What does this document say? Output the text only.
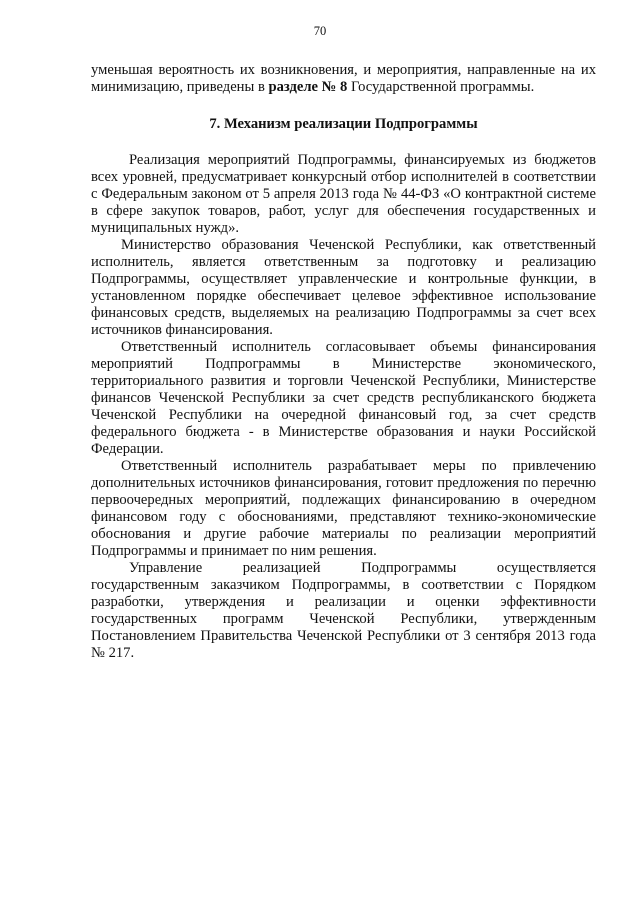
70

уменьшая вероятность их возникновения, и мероприятия, направленные на их минимизацию, приведены в разделе № 8 Государственной программы.

7. Механизм реализации Подпрограммы

Реализация мероприятий Подпрограммы, финансируемых из бюджетов всех уровней, предусматривает конкурсный отбор исполнителей в соответствии с Федеральным законом от 5 апреля 2013 года № 44-ФЗ «О контрактной системе в сфере закупок товаров, работ, услуг для обеспечения государственных и муниципальных нужд».

Министерство образования Чеченской Республики, как ответственный исполнитель, является ответственным за подготовку и реализацию Подпрограммы, осуществляет управленческие и контрольные функции, в установленном порядке обеспечивает целевое эффективное использование финансовых средств, выделяемых на реализацию Подпрограммы за счет всех источников финансирования.

Ответственный исполнитель согласовывает объемы финансирования мероприятий Подпрограммы в Министерстве экономического, территориального развития и торговли Чеченской Республики, Министерстве финансов Чеченской Республики за счет средств республиканского бюджета Чеченской Республики на очередной финансовый год, за счет средств федерального бюджета - в Министерстве образования и науки Российской Федерации.

Ответственный исполнитель разрабатывает меры по привлечению дополнительных источников финансирования, готовит предложения по перечню первоочередных мероприятий, подлежащих финансированию в очередном финансовом году с обоснованиями, представляют технико-экономические обоснования и другие рабочие материалы по реализации мероприятий Подпрограммы и принимает по ним решения.

Управление реализацией Подпрограммы осуществляется государственным заказчиком Подпрограммы, в соответствии с Порядком разработки, утверждения и реализации и оценки эффективности государственных программ Чеченской Республики, утвержденным Постановлением Правительства Чеченской Республики от 3 сентября 2013 года № 217.
